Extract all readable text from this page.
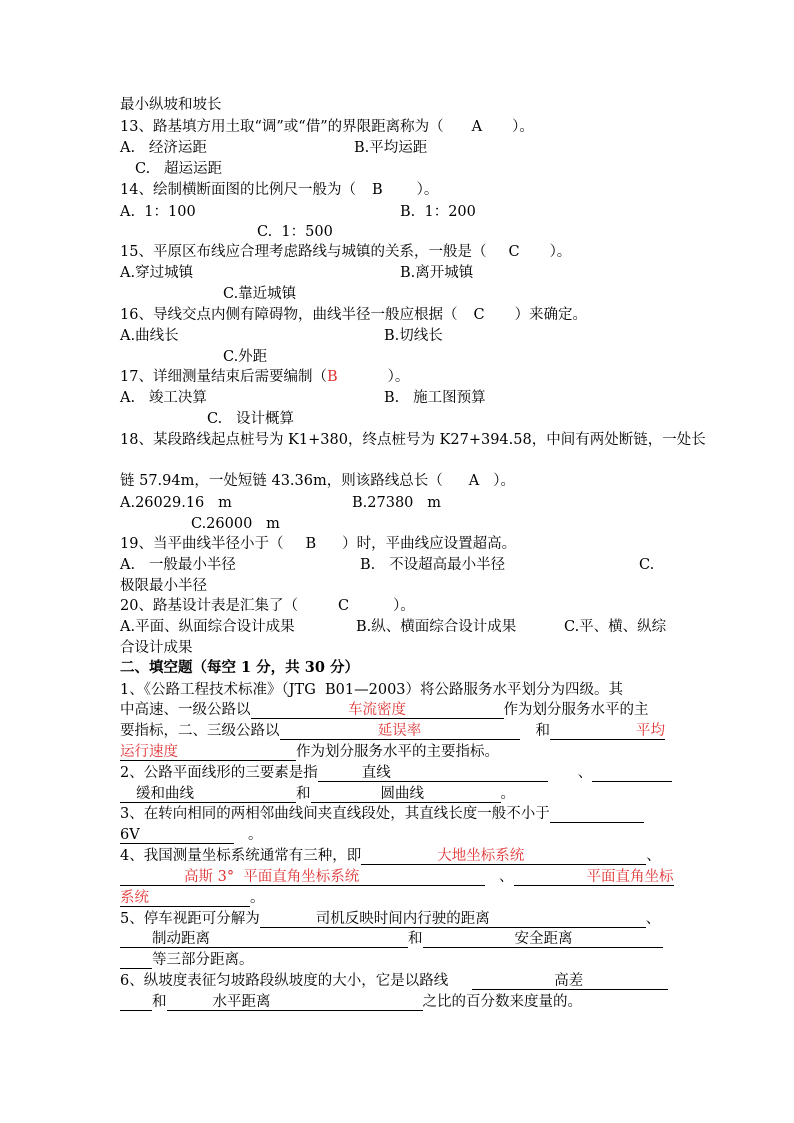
最小纵坡和坡长
13、路基填方用土取“调”或“借”的界限距离称为（ A ）。
A.   经济运距	B.平均运距
C.   超运运距
14、绘制横断面图的比例尺一般为（ B ）。
A.  1：100	B.  1：200
C.  1：500
15、平原区布线应合理考虑路线与城镇的关系，一般是（ C ）。
A.穿过城镇	B.离开城镇
C.靠近城镇
16、导线交点内侧有障碍物，曲线半径一般应根据（ C ）来确定。
A.曲线长	B.切线长
C.外距
17、详细测量结束后需要编制（B	）。
A.   竣工决算	B.   施工图预算
C.   设计概算
18、某段路线起点桩号为 K1+380，终点桩号为 K27+394.58，中间有两处断链，一处长
链 57.94m，一处短链 43.36m，则该路线总长（ A ）。
A.26029.16   m	B.27380   m
C.26000   m
19、当平曲线半径小于（ B ）时，平曲线应设置超高。
A.   一般最小半径	B.   不设超高最小半径	C.
极限最小半径
20、路基设计表是汇集了（	C	）。
A.平面、纵面综合设计成果	B.纵、横面综合设计成果	C.平、横、纵综
合设计成果
二、填空题（每空 1 分，共 30 分）
1、《公路工程技术标准》（JTG  B01—2003）将公路服务水平划分为四级。其
中高速、一级公路以	车流密度	作为划分服务水平的主
要指标，二、三级公路以	延误率	和	平均
运行速度	作为划分服务水平的主要指标。
2、公路平面线形的三要素是指	直线	、
缓和曲线	和	圆曲线	。
3、在转向相同的两相邻曲线间夹直线段处，其直线长度一般不小于
6V	。
4、我国测量坐标系统通常有三种，即	大地坐标系统	、
高斯 3°  平面直角坐标系统	、	平面直角坐标
系统	。
5、停车视距可分解为	司机反映时间内行驶的距离	、
制动距离	和	安全距离
等三部分距离。
6、纵坡度表征匀坡路段纵坡度的大小，它是以路线	高差
和	水平距离	之比的百分数来度量的。
